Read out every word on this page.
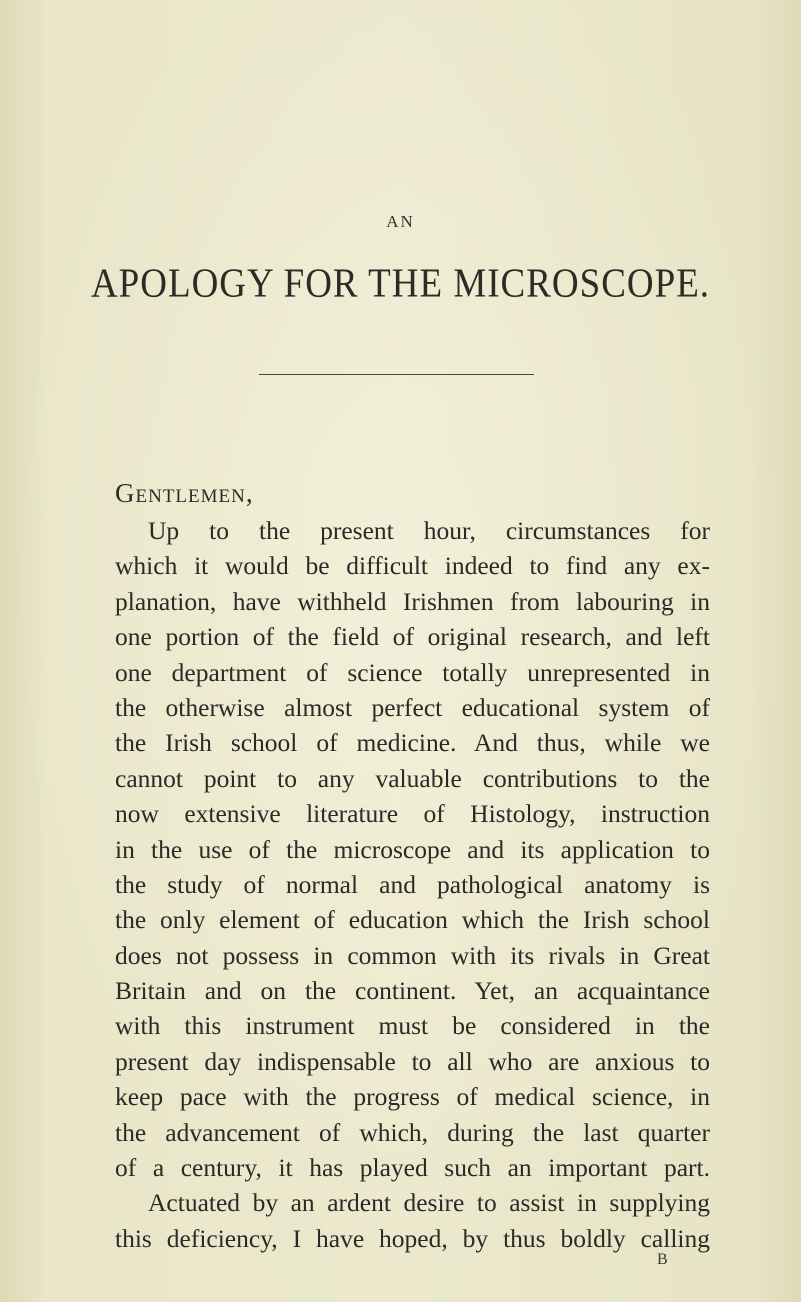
AN
APOLOGY FOR THE MICROSCOPE.
Gentlemen,
Up to the present hour, circumstances for
which it would be difficult indeed to find any ex-
planation, have withheld Irishmen from labouring in
one portion of the field of original research, and left
one department of science totally unrepresented in
the otherwise almost perfect educational system of
the Irish school of medicine. And thus, while we
cannot point to any valuable contributions to the
now extensive literature of Histology, instruction
in the use of the microscope and its application to
the study of normal and pathological anatomy is
the only element of education which the Irish school
does not possess in common with its rivals in Great
Britain and on the continent. Yet, an acquaintance
with this instrument must be considered in the
present day indispensable to all who are anxious to
keep pace with the progress of medical science, in
the advancement of which, during the last quarter
of a century, it has played such an important part.
Actuated by an ardent desire to assist in supplying
this deficiency, I have hoped, by thus boldly calling
B
